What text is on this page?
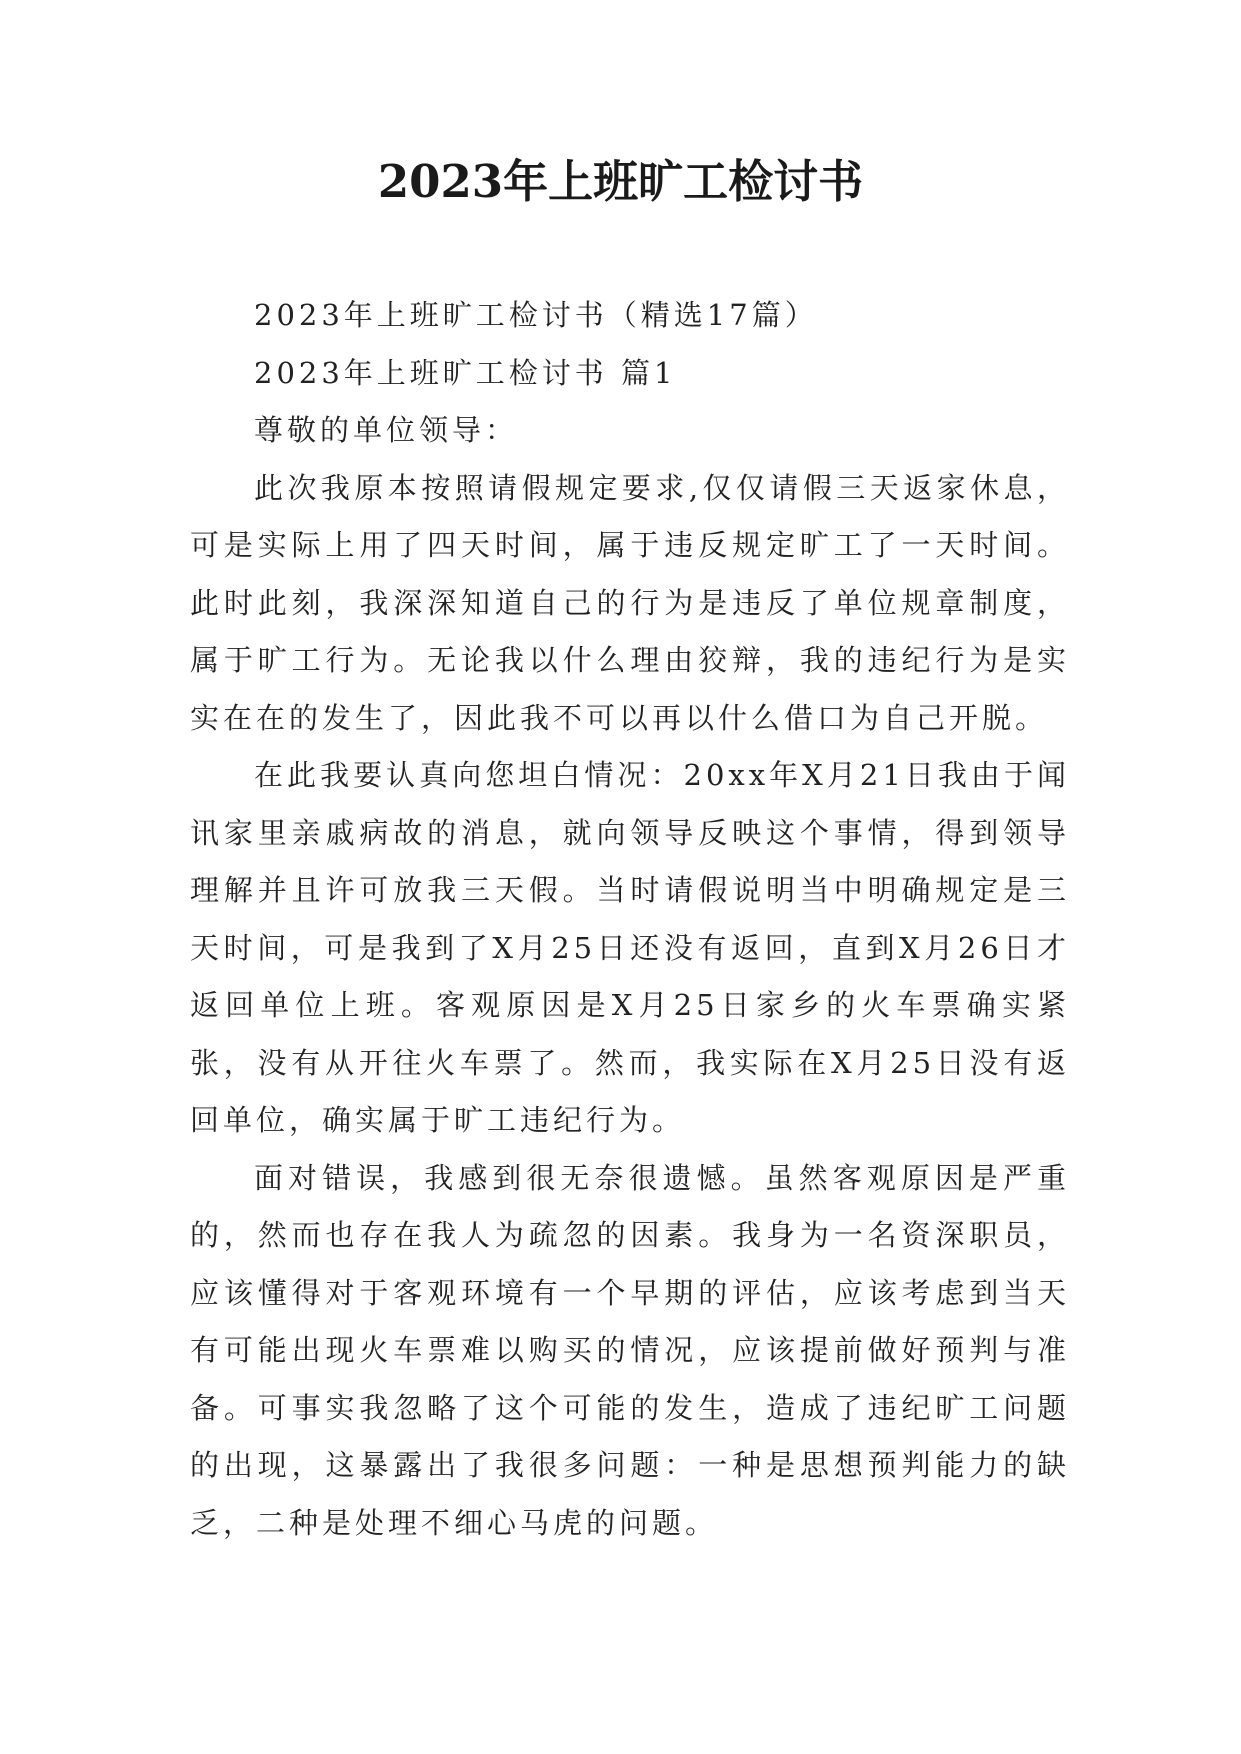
2023年上班旷工检讨书

2023年上班旷工检讨书（精选17篇）

2023年上班旷工检讨书 篇1

尊敬的单位领导：

此次我原本按照请假规定要求,仅仅请假三天返家休息，可是实际上用了四天时间，属于违反规定旷工了一天时间。此时此刻，我深深知道自己的行为是违反了单位规章制度，属于旷工行为。无论我以什么理由狡辩，我的违纪行为是实实在在的发生了，因此我不可以再以什么借口为自己开脱。

在此我要认真向您坦白情况：20xx年X月21日我由于闻讯家里亲戚病故的消息，就向领导反映这个事情，得到领导理解并且许可放我三天假。当时请假说明当中明确规定是三天时间，可是我到了X月25日还没有返回，直到X月26日才返回单位上班。客观原因是X月25日家乡的火车票确实紧张，没有从开往火车票了。然而，我实际在X月25日没有返回单位，确实属于旷工违纪行为。

面对错误，我感到很无奈很遗憾。虽然客观原因是严重的，然而也存在我人为疏忽的因素。我身为一名资深职员，应该懂得对于客观环境有一个早期的评估，应该考虑到当天有可能出现火车票难以购买的情况，应该提前做好预判与准备。可事实我忽略了这个可能的发生，造成了违纪旷工问题的出现，这暴露出了我很多问题：一种是思想预判能力的缺乏，二种是处理不细心马虎的问题。
